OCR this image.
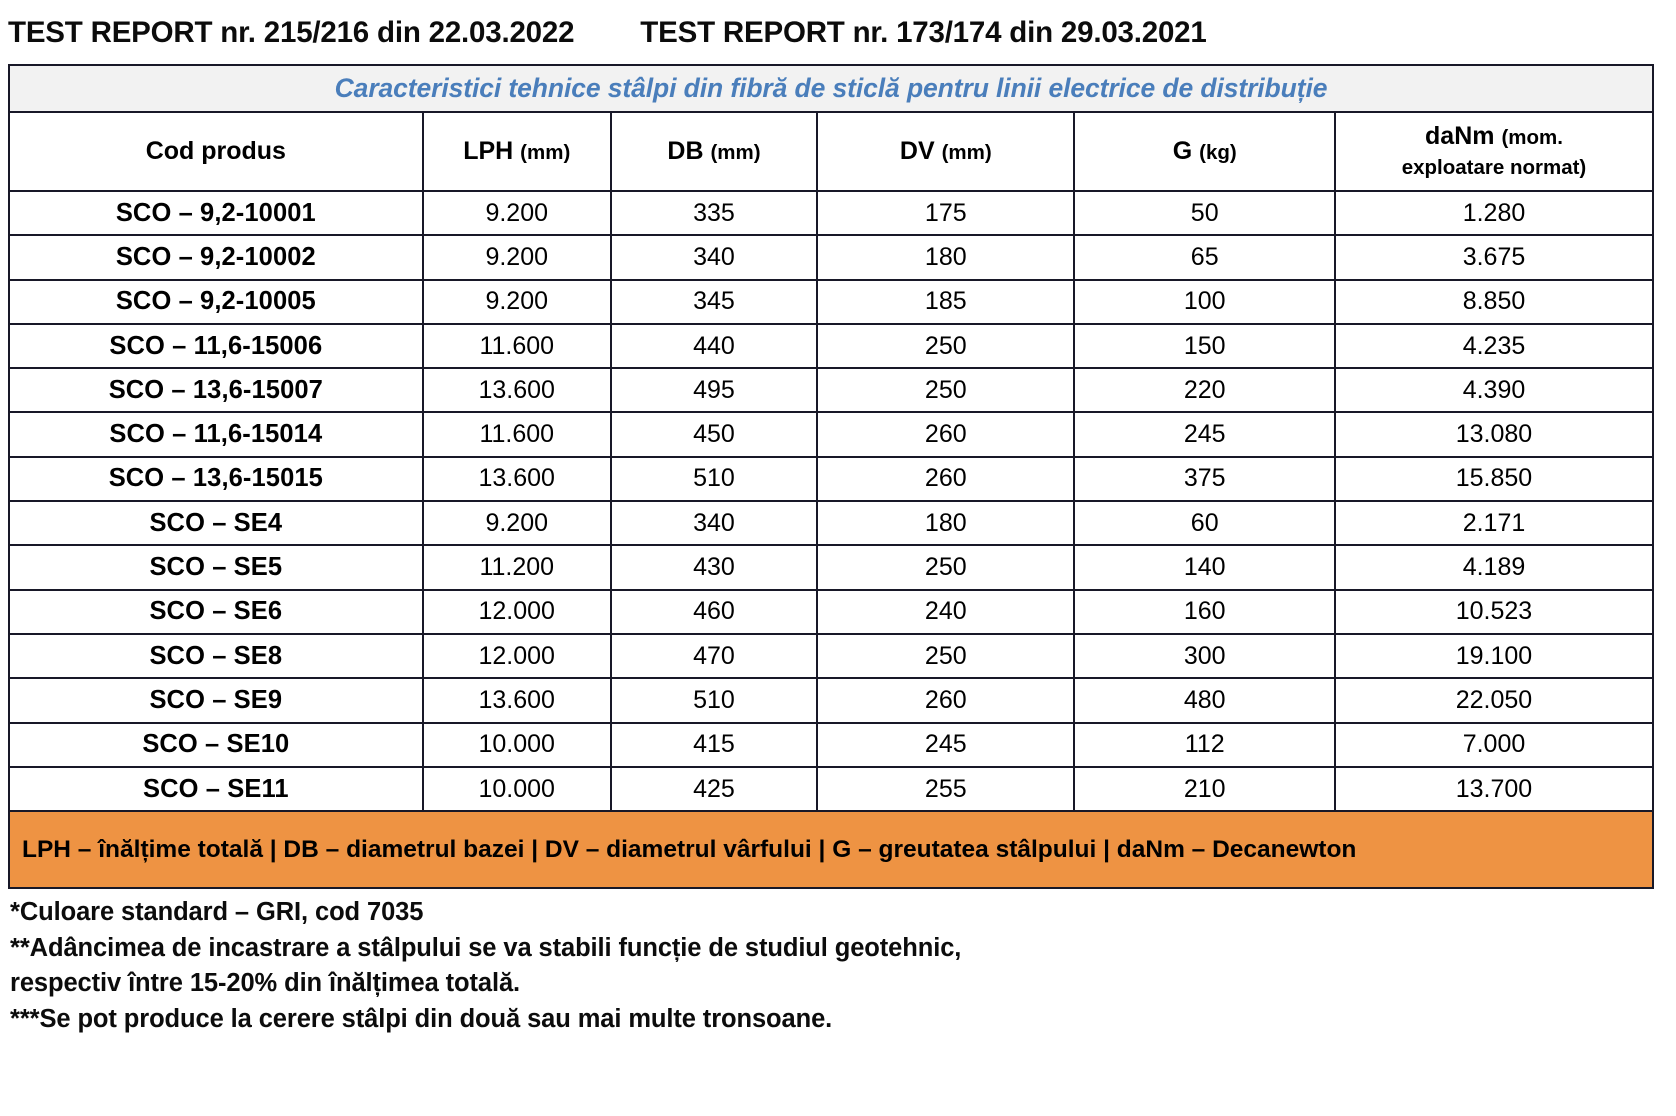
TEST REPORT nr. 215/216 din 22.03.2022 TEST REPORT nr. 173/174 din 29.03.2021
Caracteristici tehnice stâlpi din fibră de sticlă pentru linii electrice de distribuție					
Cod produs	LPH (mm)	DB (mm)	DV (mm)	G (kg)	daNm (mom.
exploatare normat)
SCO – 9,2-10001	9.200	335	175	50	1.280
SCO – 9,2-10002	9.200	340	180	65	3.675
SCO – 9,2-10005	9.200	345	185	100	8.850
SCO – 11,6-15006	11.600	440	250	150	4.235
SCO – 13,6-15007	13.600	495	250	220	4.390
SCO – 11,6-15014	11.600	450	260	245	13.080
SCO – 13,6-15015	13.600	510	260	375	15.850
SCO – SE4	9.200	340	180	60	2.171
SCO – SE5	11.200	430	250	140	4.189
SCO – SE6	12.000	460	240	160	10.523
SCO – SE8	12.000	470	250	300	19.100
SCO – SE9	13.600	510	260	480	22.050
SCO – SE10	10.000	415	245	112	7.000
SCO – SE11	10.000	425	255	210	13.700
LPH – înălțime totală | DB – diametrul bazei | DV – diametrul vârfului | G – greutatea stâlpului | daNm – Decanewton					
*Culoare standard – GRI, cod 7035
**Adâncimea de incastrare a stâlpului se va stabili funcție de studiul geotehnic,
respectiv între 15-20% din înălțimea totală.
***Se pot produce la cerere stâlpi din două sau mai multe tronsoane.
